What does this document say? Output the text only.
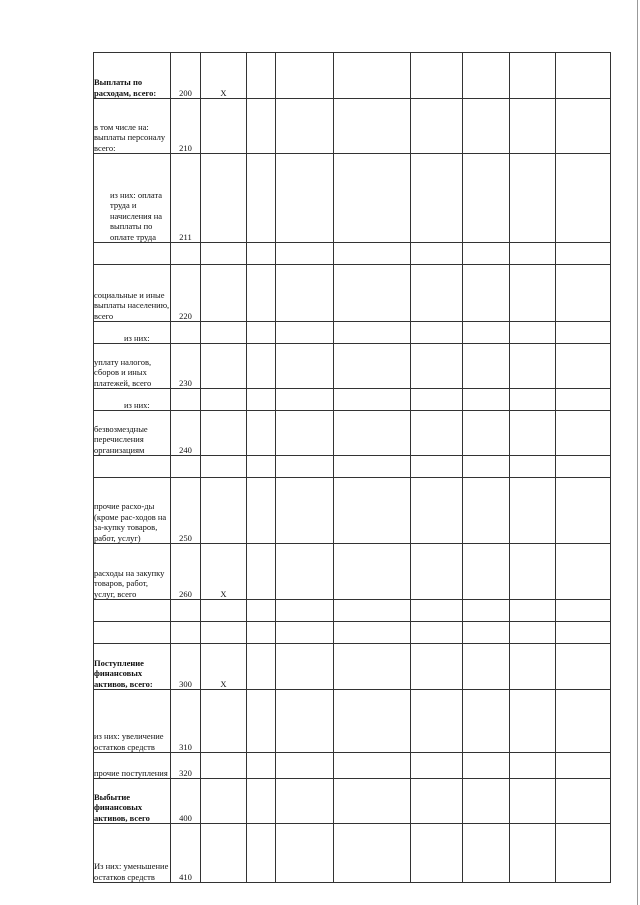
Выплаты по расходам, всего:	200	X							
в том числе на: выплаты персоналу всего:	210								
из них: оплата труда и начисления на выплаты по оплате труда	211								

социальные и иные выплаты населению, всего	220								
из них:									
уплату налогов, сборов и иных платежей, всего	230								
из них:									
безвозмездные перечисления организациям	240								

прочие расхо-ды (кроме рас-ходов на за-купку товаров, работ, услуг)	250								
расходы на закупку товаров, работ, услуг, всего	260	X							

Поступление финансовых активов, всего:	300	X							
из них: увеличение остатков средств	310								
прочие поступления	320								
Выбытие финансовых активов, всего	400								
Из них: уменьшение остатков средств	410								
